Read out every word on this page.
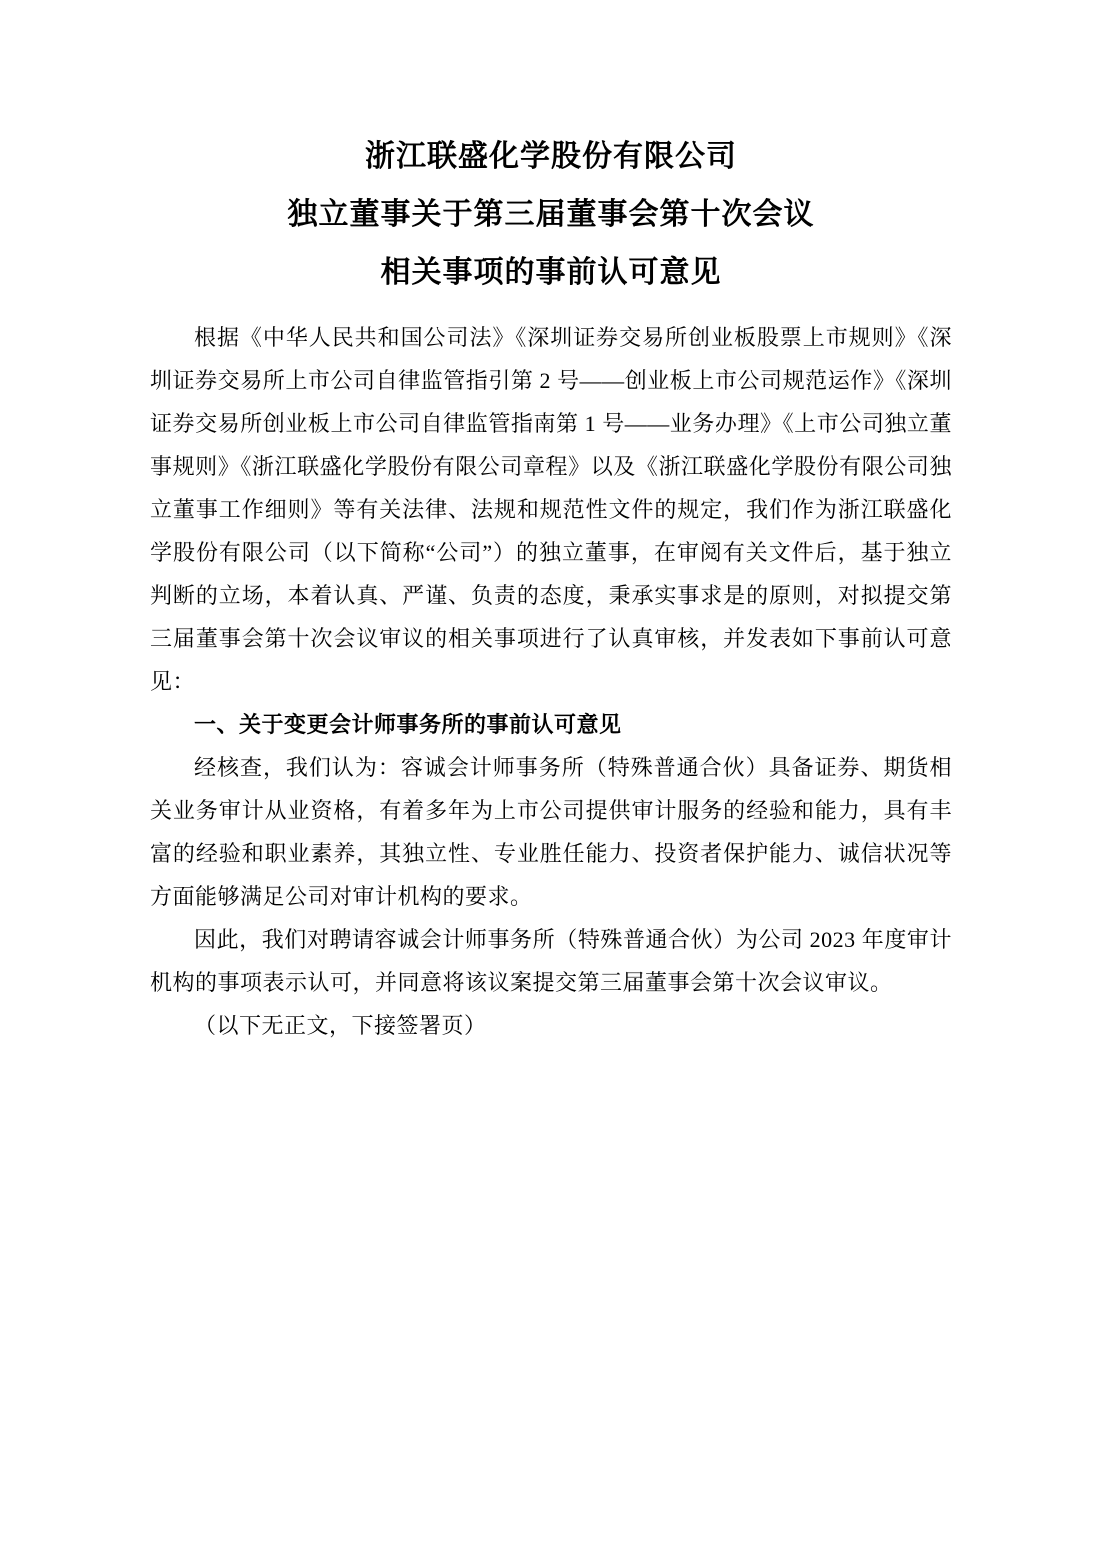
浙江联盛化学股份有限公司
独立董事关于第三届董事会第十次会议
相关事项的事前认可意见

根据《中华人民共和国公司法》《深圳证券交易所创业板股票上市规则》《深圳证券交易所上市公司自律监管指引第 2 号——创业板上市公司规范运作》《深圳证券交易所创业板上市公司自律监管指南第 1 号——业务办理》《上市公司独立董事规则》《浙江联盛化学股份有限公司章程》以及《浙江联盛化学股份有限公司独立董事工作细则》等有关法律、法规和规范性文件的规定，我们作为浙江联盛化学股份有限公司（以下简称“公司”）的独立董事，在审阅有关文件后，基于独立判断的立场，本着认真、严谨、负责的态度，秉承实事求是的原则，对拟提交第三届董事会第十次会议审议的相关事项进行了认真审核，并发表如下事前认可意见：

一、关于变更会计师事务所的事前认可意见

经核查，我们认为：容诚会计师事务所（特殊普通合伙）具备证券、期货相关业务审计从业资格，有着多年为上市公司提供审计服务的经验和能力，具有丰富的经验和职业素养，其独立性、专业胜任能力、投资者保护能力、诚信状况等方面能够满足公司对审计机构的要求。

因此，我们对聘请容诚会计师事务所（特殊普通合伙）为公司 2023 年度审计机构的事项表示认可，并同意将该议案提交第三届董事会第十次会议审议。

（以下无正文，下接签署页）
